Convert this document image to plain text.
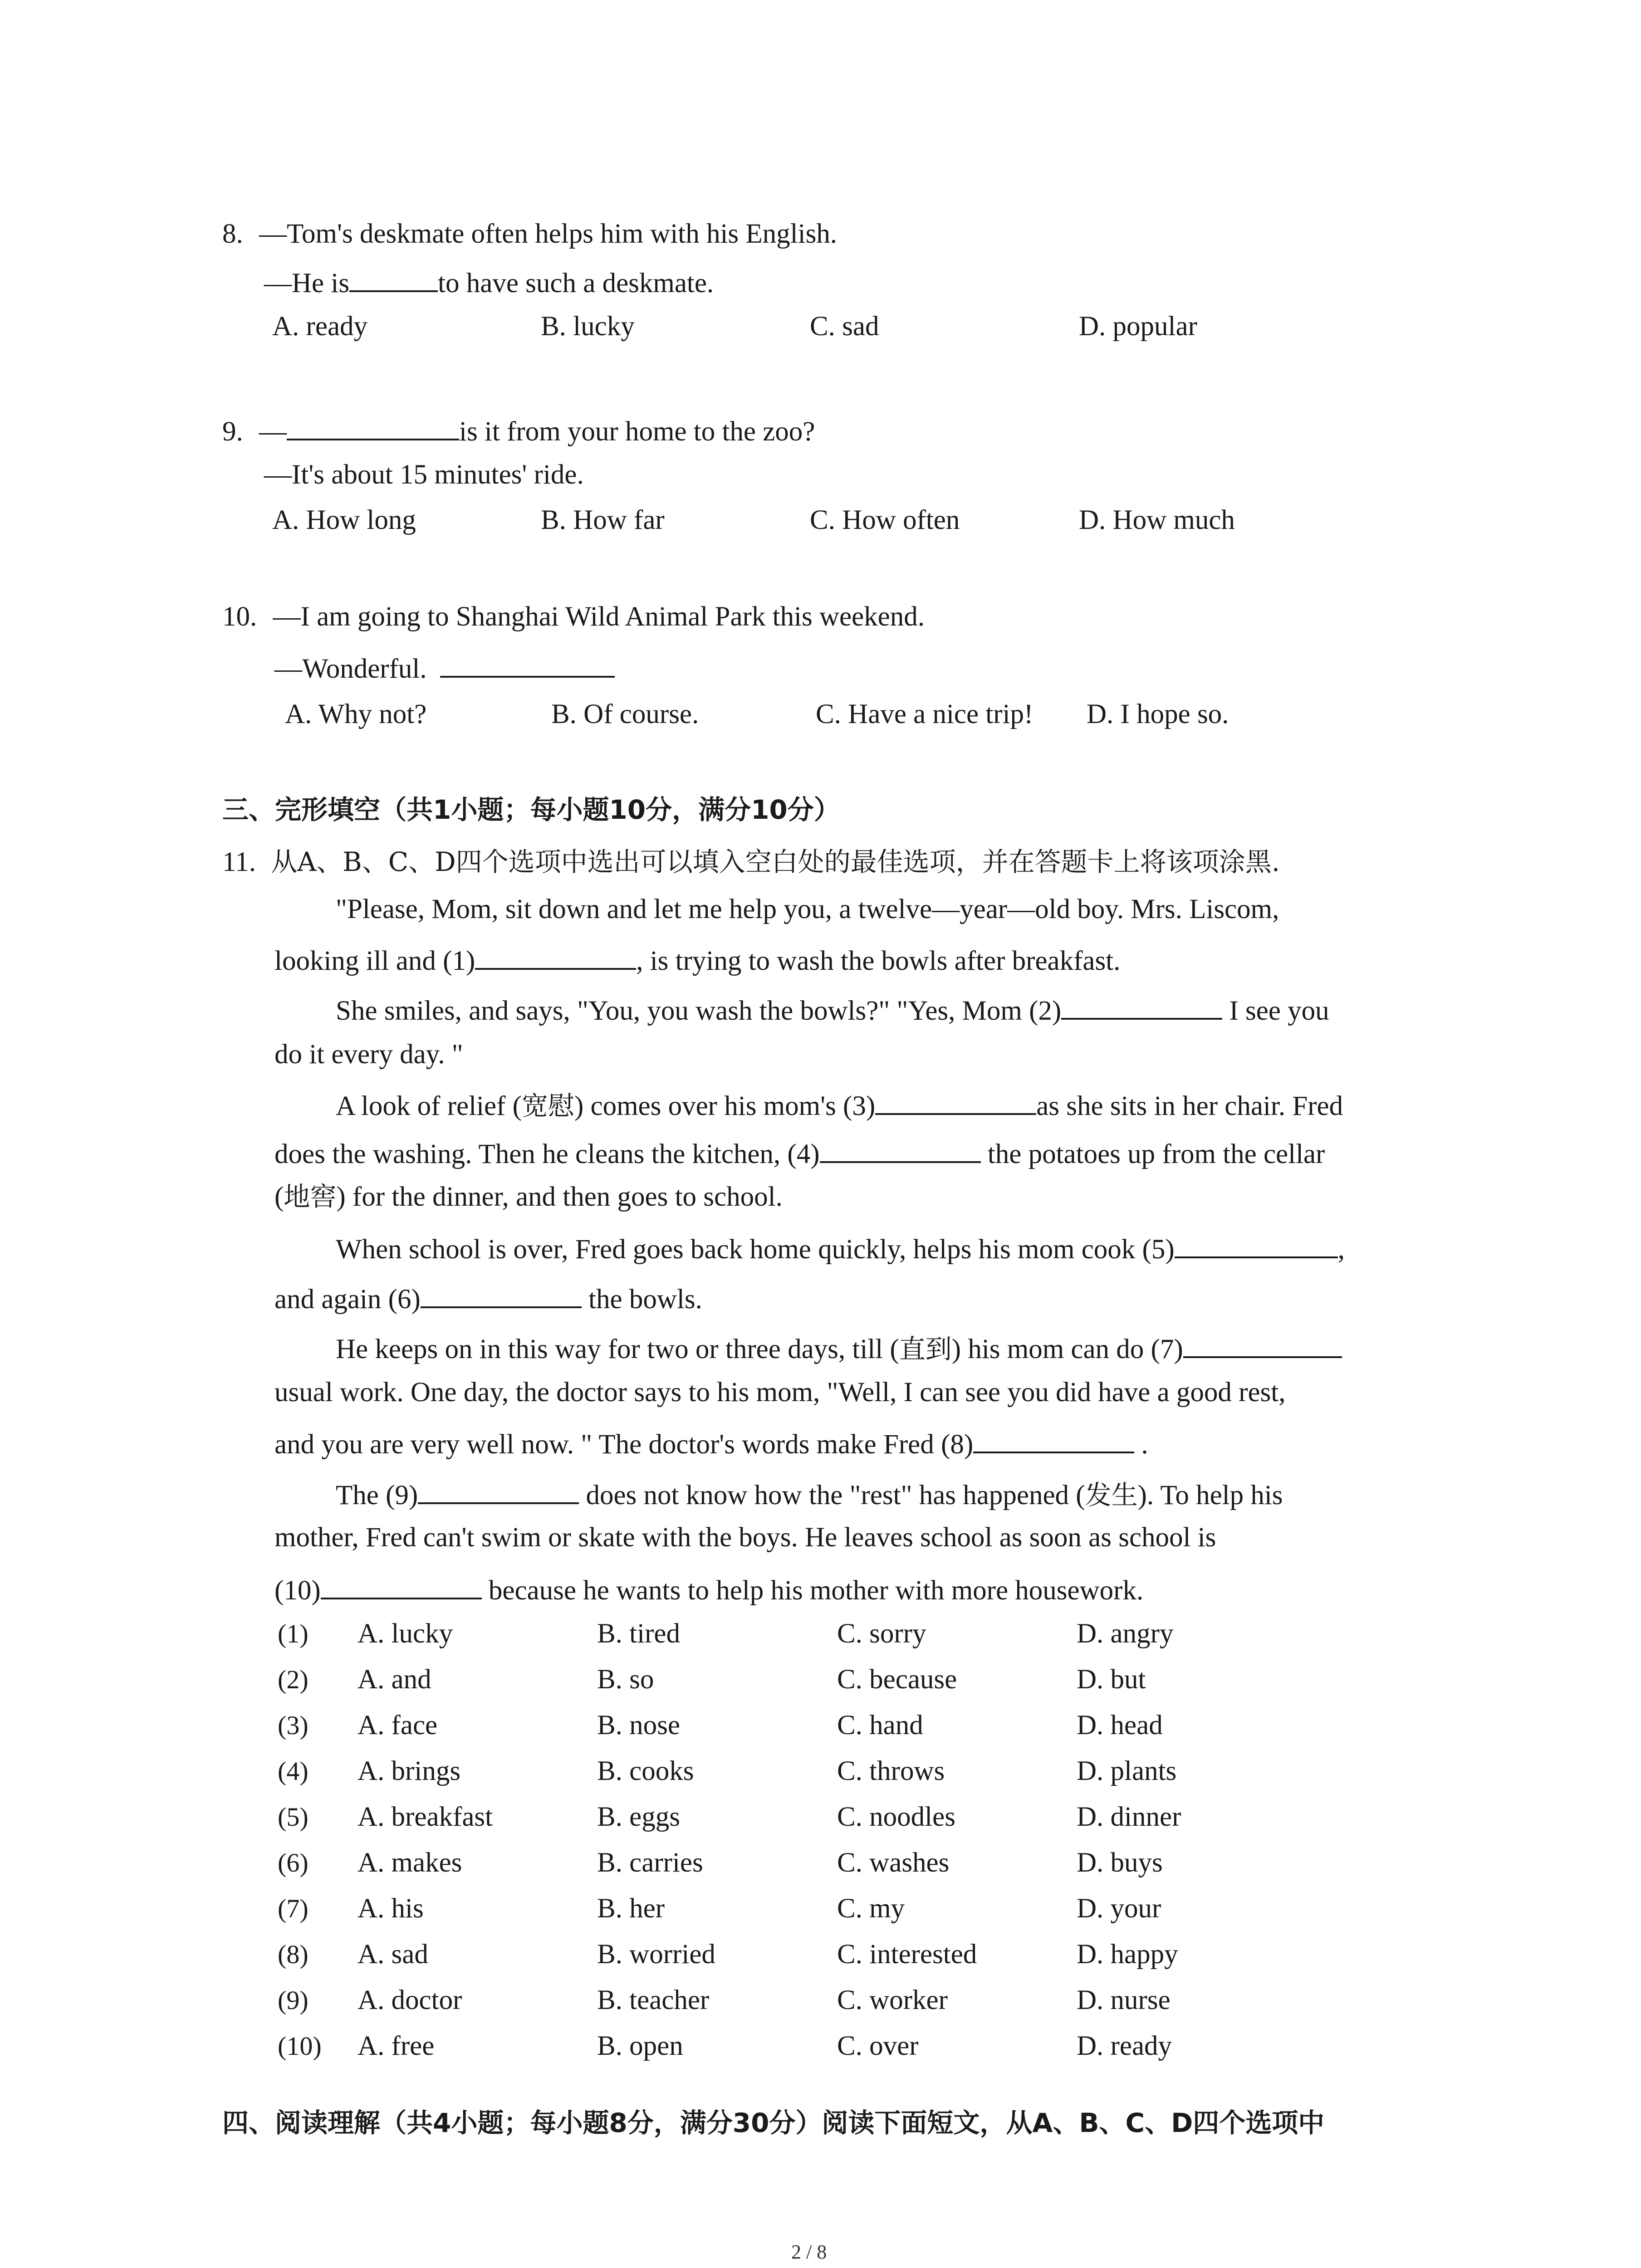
8. —Tom's deskmate often helps him with his English.
—He is	to have such a deskmate.
A. ready	B. lucky	C. sad	D. popular
9. —	is it from your home to the zoo?
—It's about 15 minutes' ride.
A. How long	B. How far	C. How often	D. How much
10. —I am going to Shanghai Wild Animal Park this weekend.
—Wonderful.
A. Why not?	B. Of course.	C. Have a nice trip! D. I hope so.
三、完形填空（共1小题；每小题10分，满分10分）
11. 从A、B、C、D四个选项中选出可以填入空白处的最佳选项，并在答题卡上将该项涂黑.
"Please, Mom, sit down and let me help you, a twelve—year—old boy. Mrs. Liscom,
looking ill and (1)	, is trying to wash the bowls after breakfast.
She smiles, and says, "You, you wash the bowls?" "Yes, Mom (2)	I see you
do it every day. "
A look of relief (宽慰) comes over his mom's (3)	as she sits in her chair. Fred
does the washing. Then he cleans the kitchen, (4)	the potatoes up from the cellar
(地窖) for the dinner, and then goes to school.
When school is over, Fred goes back home quickly, helps his mom cook (5)	,
and again (6)	the bowls.
He keeps on in this way for two or three days, till (直到) his mom can do (7)
usual work. One day, the doctor says to his mom, "Well, I can see you did have a good rest,
and you are very well now. " The doctor's words make Fred (8)	.
The (9)	does not know how the "rest" has happened (发生). To help his
mother, Fred can't swim or skate with the boys. He leaves school as soon as school is
(10)	because he wants to help his mother with more housework.
(1) A. lucky	B. tired	C. sorry	D. angry
(2) A. and	B. so	C. because	D. but
(3) A. face	B. nose	C. hand	D. head
(4) A. brings	B. cooks	C. throws	D. plants
(5) A. breakfast	B. eggs	C. noodles	D. dinner
(6) A. makes	B. carries	C. washes	D. buys
(7) A. his	B. her	C. my	D. your
(8) A. sad	B. worried	C. interested	D. happy
(9) A. doctor	B. teacher	C. worker	D. nurse
(10) A. free	B. open	C. over	D. ready
四、阅读理解（共4小题；每小题8分，满分30分）阅读下面短文，从A、B、C、D四个选项中
2 / 8
